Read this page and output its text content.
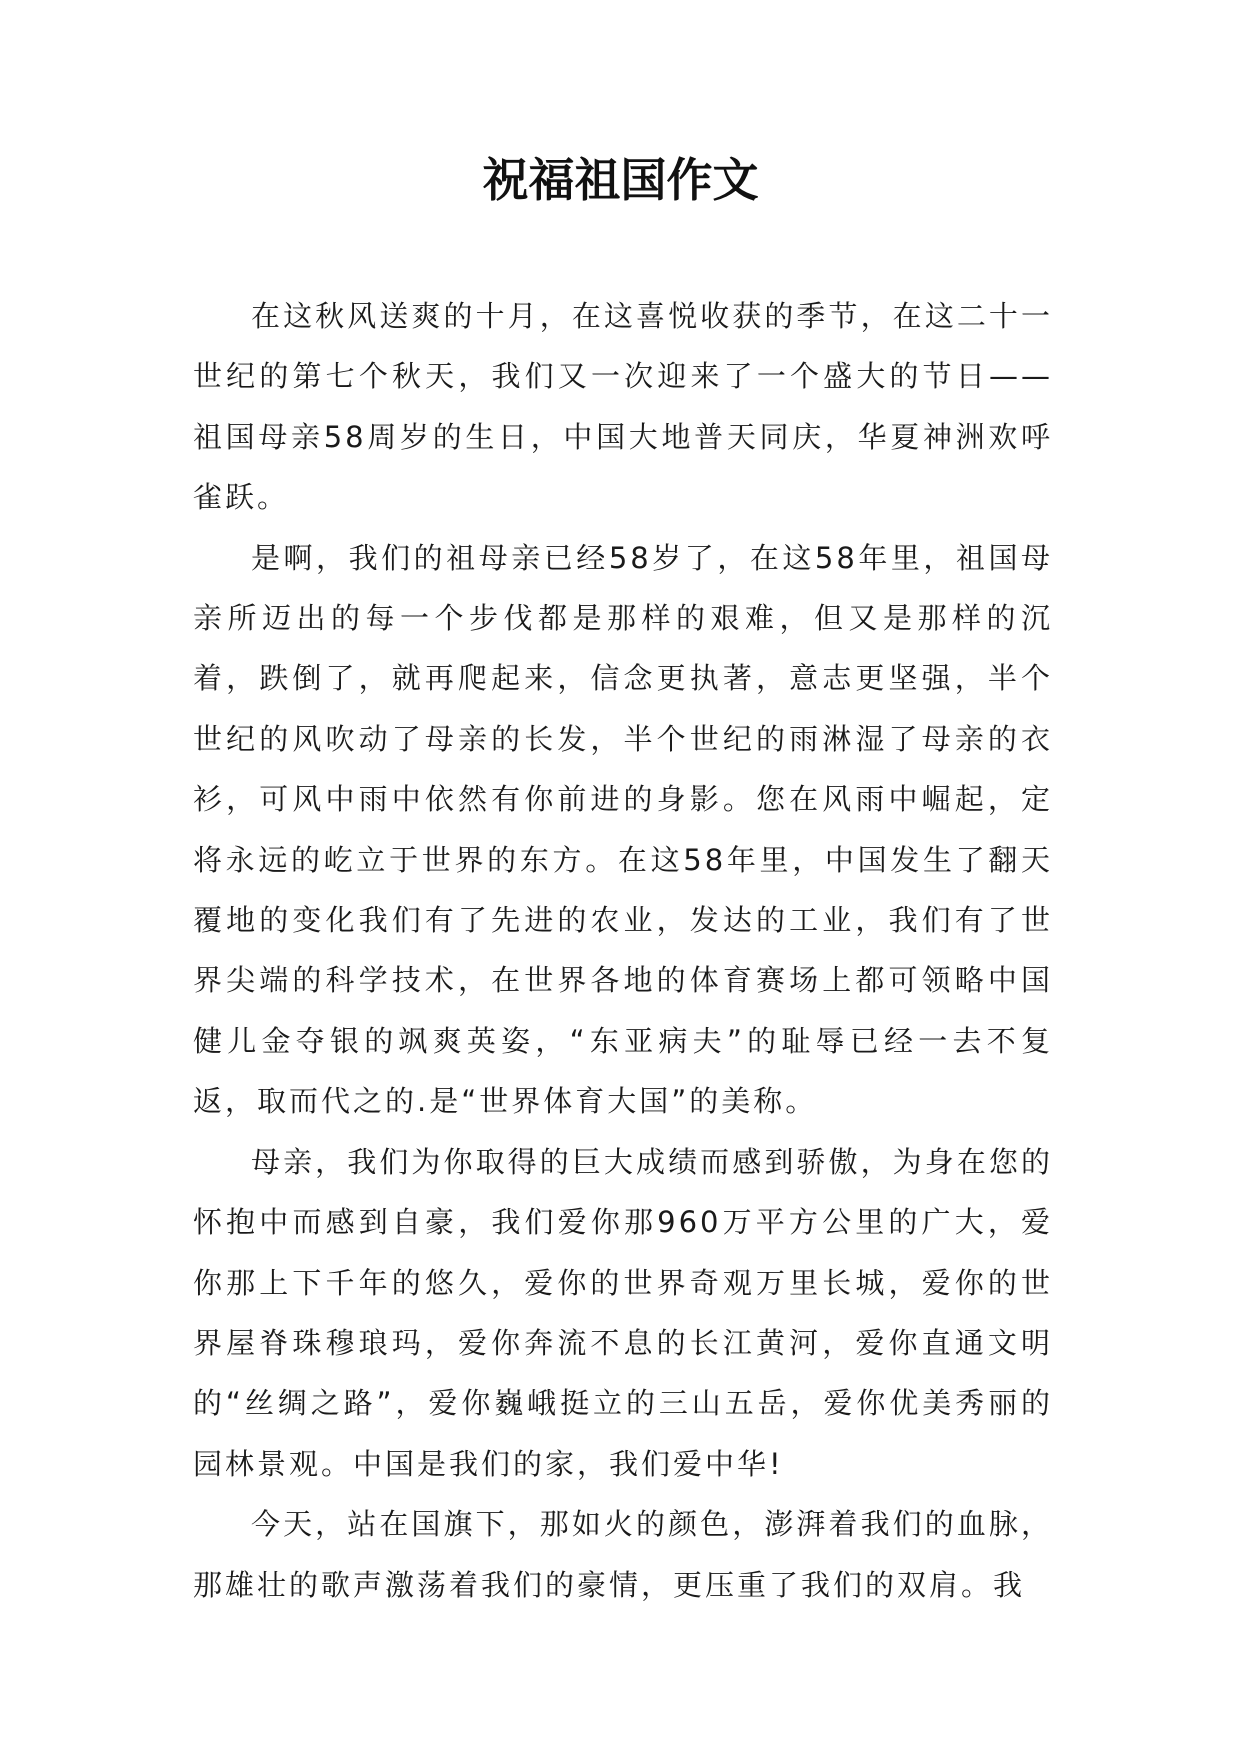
祝福祖国作文

在这秋风送爽的十月，在这喜悦收获的季节，在这二十一世纪的第七个秋天，我们又一次迎来了一个盛大的节日——祖国母亲58周岁的生日，中国大地普天同庆，华夏神洲欢呼雀跃。

是啊，我们的祖母亲已经58岁了，在这58年里，祖国母亲所迈出的每一个步伐都是那样的艰难，但又是那样的沉着，跌倒了，就再爬起来，信念更执著，意志更坚强，半个世纪的风吹动了母亲的长发，半个世纪的雨淋湿了母亲的衣衫，可风中雨中依然有你前进的身影。您在风雨中崛起，定将永远的屹立于世界的东方。在这58年里，中国发生了翻天覆地的变化我们有了先进的农业，发达的工业，我们有了世界尖端的科学技术，在世界各地的体育赛场上都可领略中国健儿金夺银的飒爽英姿，“东亚病夫”的耻辱已经一去不复返，取而代之的.是“世界体育大国”的美称。

母亲，我们为你取得的巨大成绩而感到骄傲，为身在您的怀抱中而感到自豪，我们爱你那960万平方公里的广大，爱你那上下千年的悠久，爱你的世界奇观万里长城，爱你的世界屋脊珠穆琅玛，爱你奔流不息的长江黄河，爱你直通文明的“丝绸之路”，爱你巍峨挺立的三山五岳，爱你优美秀丽的园林景观。中国是我们的家，我们爱中华!

今天，站在国旗下，那如火的颜色，澎湃着我们的血脉，那雄壮的歌声激荡着我们的豪情，更压重了我们的双肩。我
